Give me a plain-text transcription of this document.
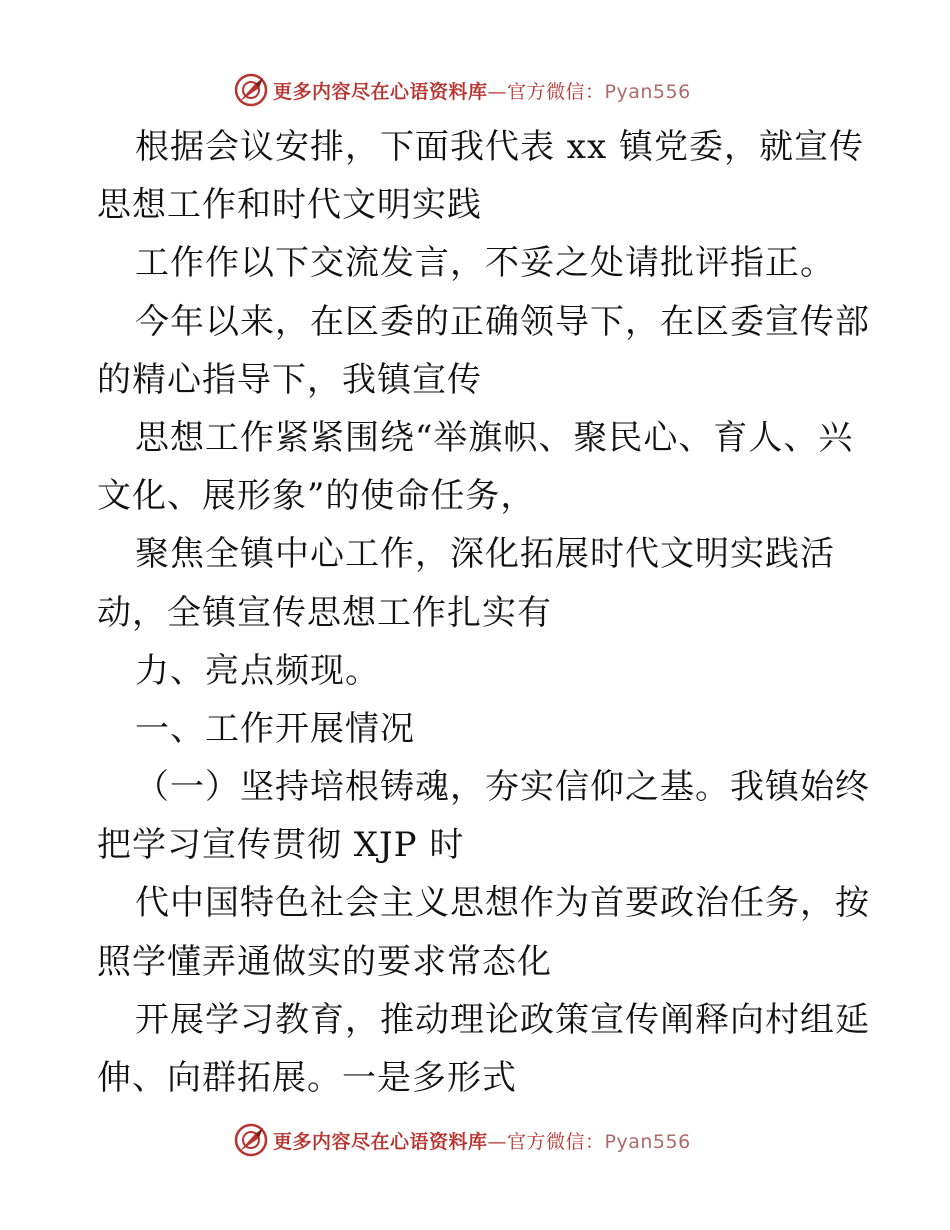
更多内容尽在心语资料库—官方微信：Pyan556
根据会议安排，下面我代表 xx 镇党委，就宣传
思想工作和时代文明实践
工作作以下交流发言，不妥之处请批评指正。
今年以来，在区委的正确领导下，在区委宣传部
的精心指导下，我镇宣传
思想工作紧紧围绕“举旗帜、聚民心、育人、兴
文化、展形象”的使命任务，
聚焦全镇中心工作，深化拓展时代文明实践活
动，全镇宣传思想工作扎实有
力、亮点频现。
一、工作开展情况
（一）坚持培根铸魂，夯实信仰之基。我镇始终
把学习宣传贯彻 XJP 时
代中国特色社会主义思想作为首要政治任务，按
照学懂弄通做实的要求常态化
开展学习教育，推动理论政策宣传阐释向村组延
伸、向群拓展。一是多形式
更多内容尽在心语资料库—官方微信：Pyan556
